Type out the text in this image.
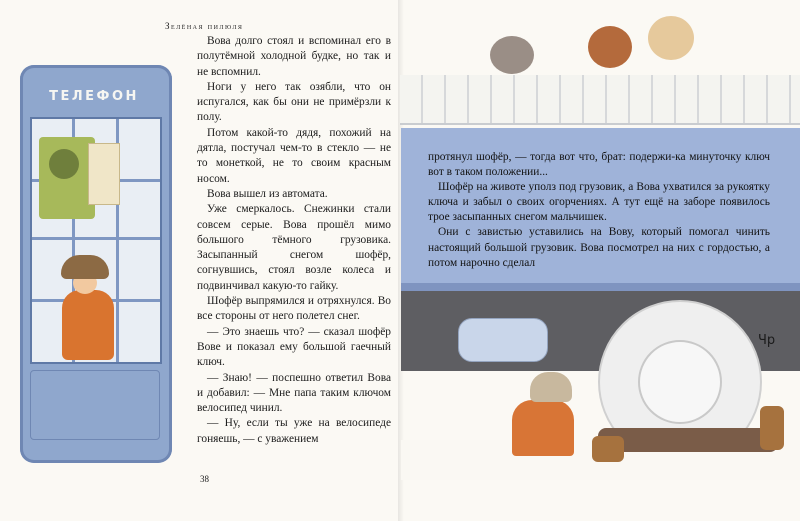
Зелёная пилюля
ТЕЛЕФОН

Вова долго стоял и вспоминал его в полутёмной холодной будке, но так и не вспомнил.

Ноги у него так озябли, что он испугался, как бы они не примёрзли к полу.

Потом какой-то дядя, похожий на дятла, постучал чем-то в стекло — не то монеткой, не то своим красным носом.

Вова вышел из автомата.

Уже смеркалось. Снежинки стали совсем серые. Вова прошёл мимо большого тёмного грузовика. Засыпанный снегом шофёр, согнувшись, стоял возле колеса и подвинчивал какую-то гайку.

Шофёр выпрямился и отряхнулся. Во все стороны от него полетел снег.

— Это знаешь что? — сказал шофёр Вове и показал ему большой гаечный ключ.

— Знаю! — поспешно ответил Вова и добавил: — Мне папа таким ключом велосипед чинил.

— Ну, если ты уже на велосипеде гоняешь, — с уважением

38
Чр

протянул шофёр, — тогда вот что, брат: подержи-ка минуточку ключ вот в таком положении...

Шофёр на животе уполз под грузовик, а Вова ухватился за рукоятку ключа и забыл о своих огорчениях. А тут ещё на заборе появилось трое засыпанных снегом мальчишек.

Они с завистью уставились на Вову, который помогал чинить настоящий большой грузовик. Вова посмотрел на них с гордостью, а потом нарочно сделал
